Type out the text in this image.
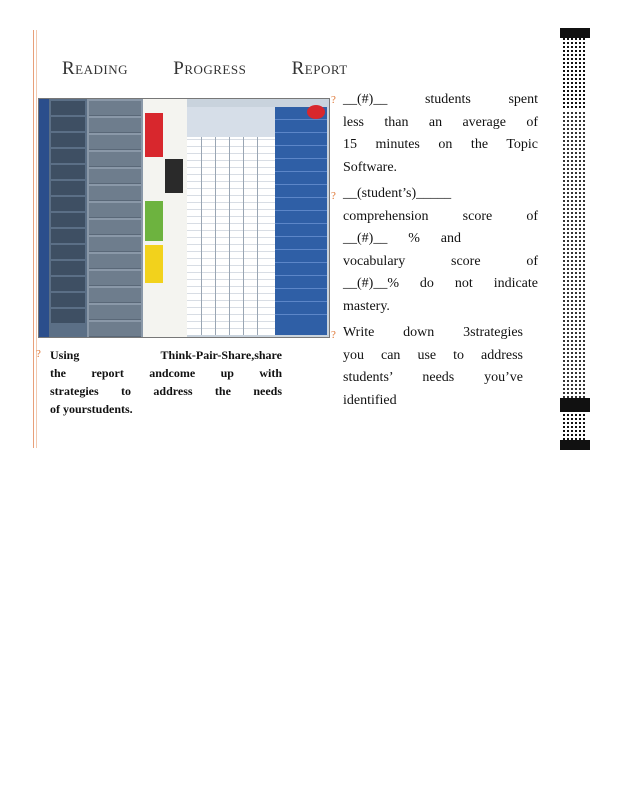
Reading Progress Report
? Using Think-Pair-Share,share
the report andcome up with
strategies to address the needs
of yourstudents.
? __(#)__ students spent
less than an average of
15 minutes on the Topic
Software.
? __(student’s)_____
comprehension score of
__(#)__ % and
vocabulary score of
__(#)__% do not indicate
mastery.
? Write down 3strategies
you can use to address
students’ needs you’ve
identified
